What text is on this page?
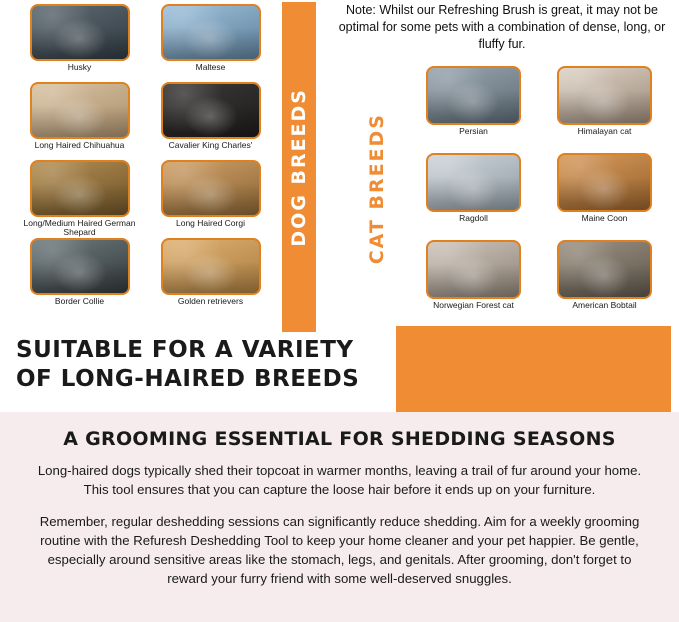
Husky	Maltese
Long Haired Chihuahua	Cavalier King Charles'
Long/Medium Haired German Shepard
Long Haired Corgi
Border Collie	Golden retrievers
DOG BREEDS	CAT BREEDS
Note: Whilst our Refreshing Brush is great, it may not be optimal for some pets with a combination of dense, long, or fluffy fur.
Persian	Himalayan cat
Ragdoll	Maine Coon
Norwegian Forest cat	American Bobtail
SUITABLE FOR A VARIETY OF LONG-HAIRED BREEDS
A GROOMING ESSENTIAL FOR SHEDDING SEASONS

Long-haired dogs typically shed their topcoat in warmer months, leaving a trail of fur around your home. This tool ensures that you can capture the loose hair before it ends up on your furniture.

Remember, regular deshedding sessions can significantly reduce shedding. Aim for a weekly grooming routine with the Refuresh Deshedding Tool to keep your home cleaner and your pet happier. Be gentle, especially around sensitive areas like the stomach, legs, and genitals. After grooming, don't forget to reward your furry friend with some well-deserved snuggles.
